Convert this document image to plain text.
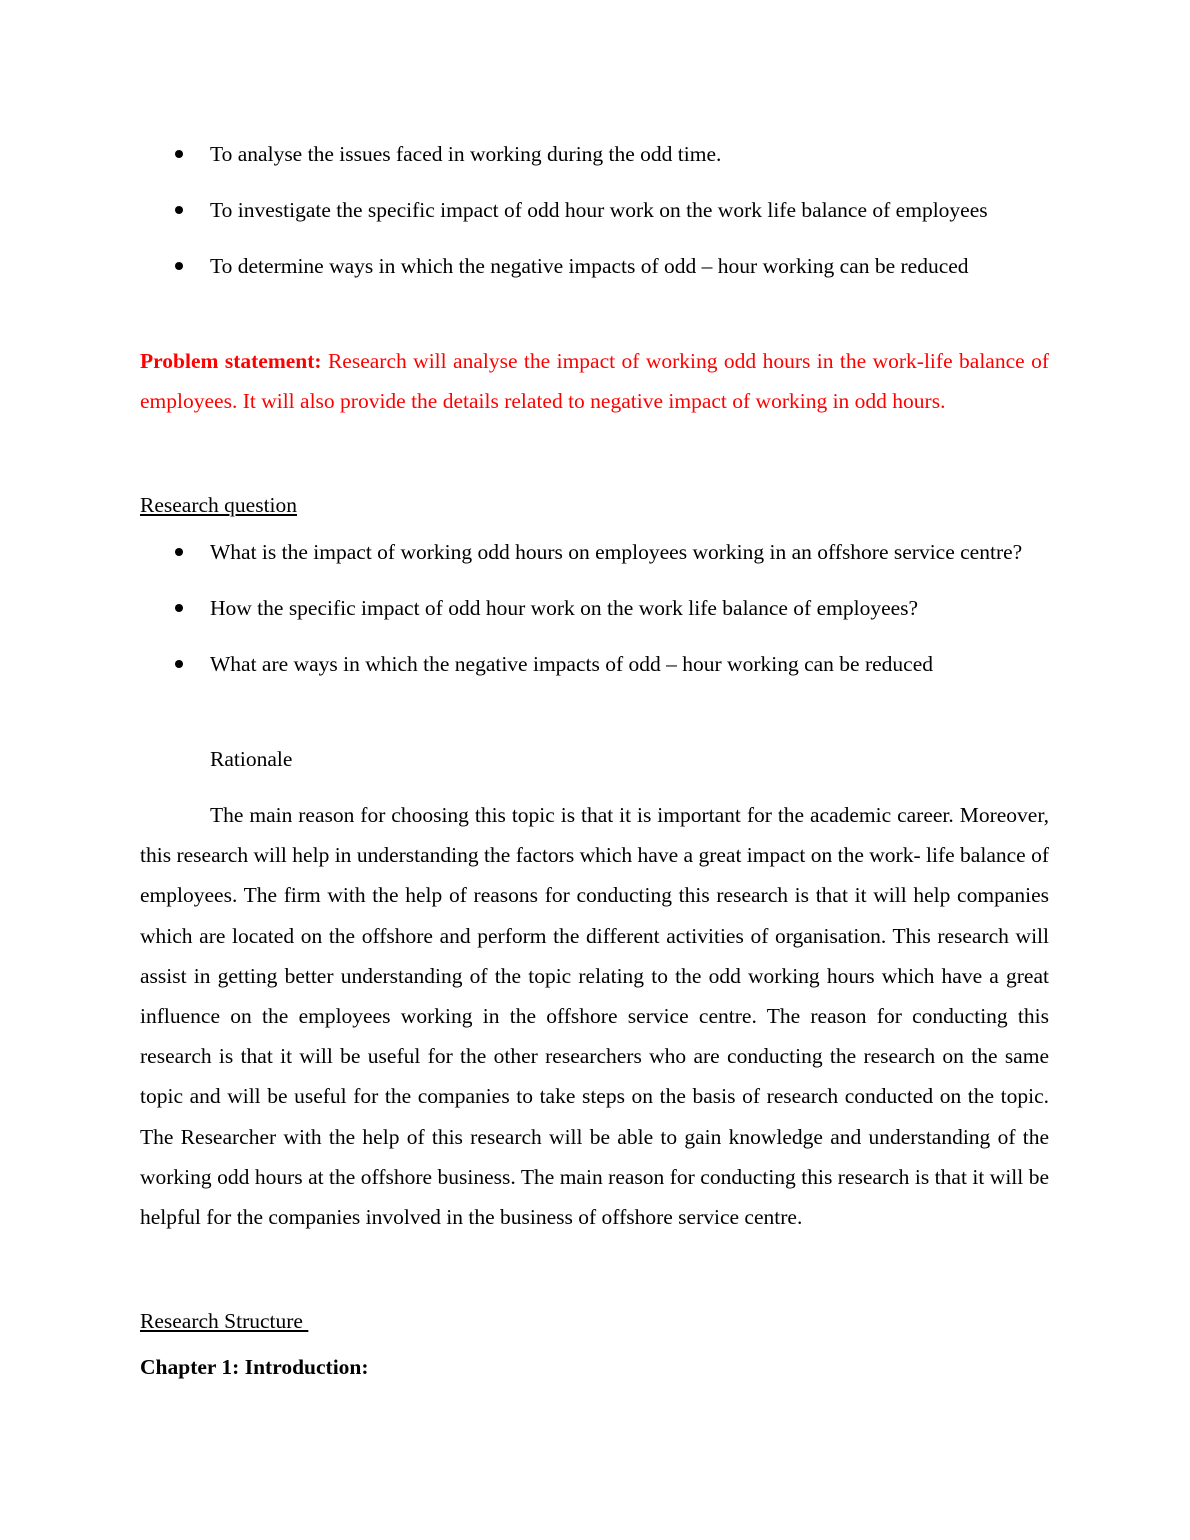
To analyse the issues faced in working during the odd time.
To investigate the specific impact of odd hour work on the work life balance of employees
To determine ways in which the negative impacts of odd – hour working can be reduced
Problem statement: Research will analyse the impact of working odd hours in the work-life balance of employees. It will also provide the details related to negative impact of working in odd hours.
Research question
What is the impact of working odd hours on employees working in an offshore service centre?
How the specific impact of odd hour work on the work life balance of employees?
What are ways in which the negative impacts of odd – hour working can be reduced
Rationale

The main reason for choosing this topic is that it is important for the academic career. Moreover, this research will help in understanding the factors which have a great impact on the work- life balance of employees. The firm with the help of reasons for conducting this research is that it will help companies which are located on the offshore and perform the different activities of organisation. This research will assist in getting better understanding of the topic relating to the odd working hours which have a great influence on the employees working in the offshore service centre. The reason for conducting this research is that it will be useful for the other researchers who are conducting the research on the same topic and will be useful for the companies to take steps on the basis of research conducted on the topic. The Researcher with the help of this research will be able to gain knowledge and understanding of the working odd hours at the offshore business. The main reason for conducting this research is that it will be helpful for the companies involved in the business of offshore service centre.

Research Structure
Chapter 1: Introduction:
